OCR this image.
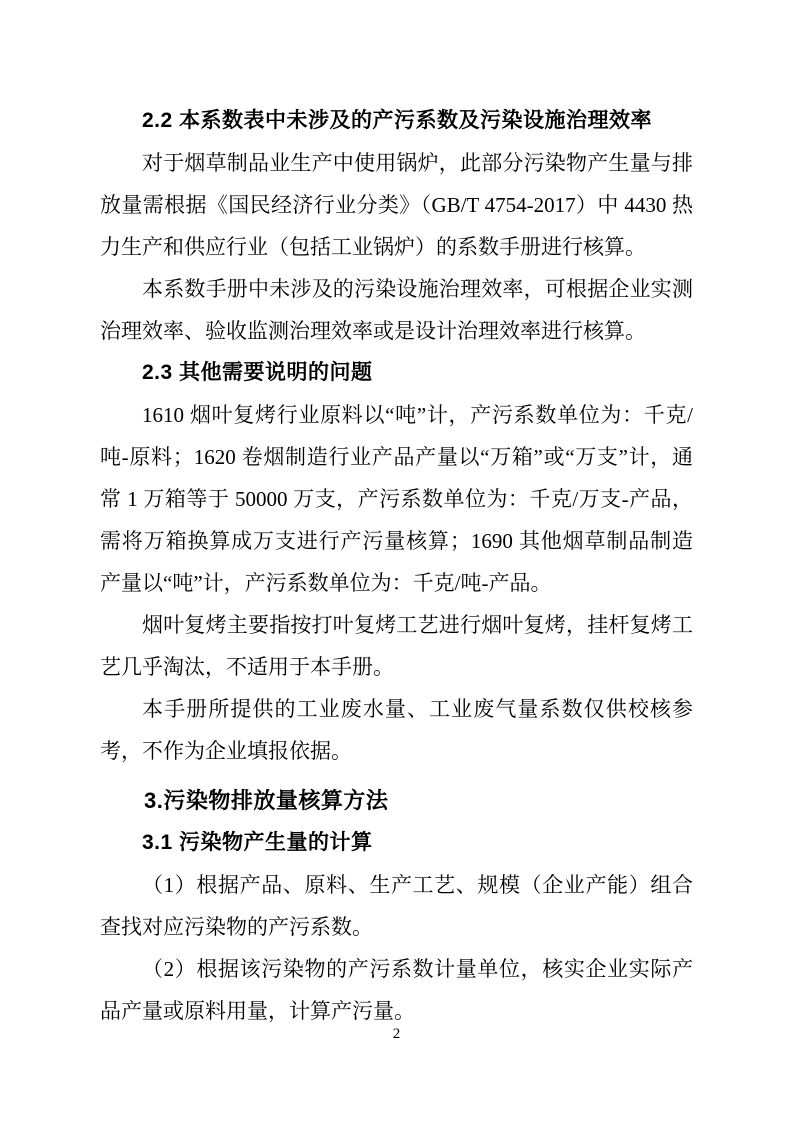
2.2 本系数表中未涉及的产污系数及污染设施治理效率

对于烟草制品业生产中使用锅炉，此部分污染物产生量与排放量需根据《国民经济行业分类》（GB/T 4754-2017）中 4430 热力生产和供应行业（包括工业锅炉）的系数手册进行核算。

本系数手册中未涉及的污染设施治理效率，可根据企业实测治理效率、验收监测治理效率或是设计治理效率进行核算。

2.3 其他需要说明的问题

1610 烟叶复烤行业原料以“吨”计，产污系数单位为：千克/吨-原料；1620 卷烟制造行业产品产量以“万箱”或“万支”计，通常 1 万箱等于 50000 万支，产污系数单位为：千克/万支-产品，需将万箱换算成万支进行产污量核算；1690 其他烟草制品制造产量以“吨”计，产污系数单位为：千克/吨-产品。

烟叶复烤主要指按打叶复烤工艺进行烟叶复烤，挂杆复烤工艺几乎淘汰，不适用于本手册。

本手册所提供的工业废水量、工业废气量系数仅供校核参考，不作为企业填报依据。

3.污染物排放量核算方法
3.1 污染物产生量的计算

（1）根据产品、原料、生产工艺、规模（企业产能）组合查找对应污染物的产污系数。

（2）根据该污染物的产污系数计量单位，核实企业实际产品产量或原料用量，计算产污量。

2
